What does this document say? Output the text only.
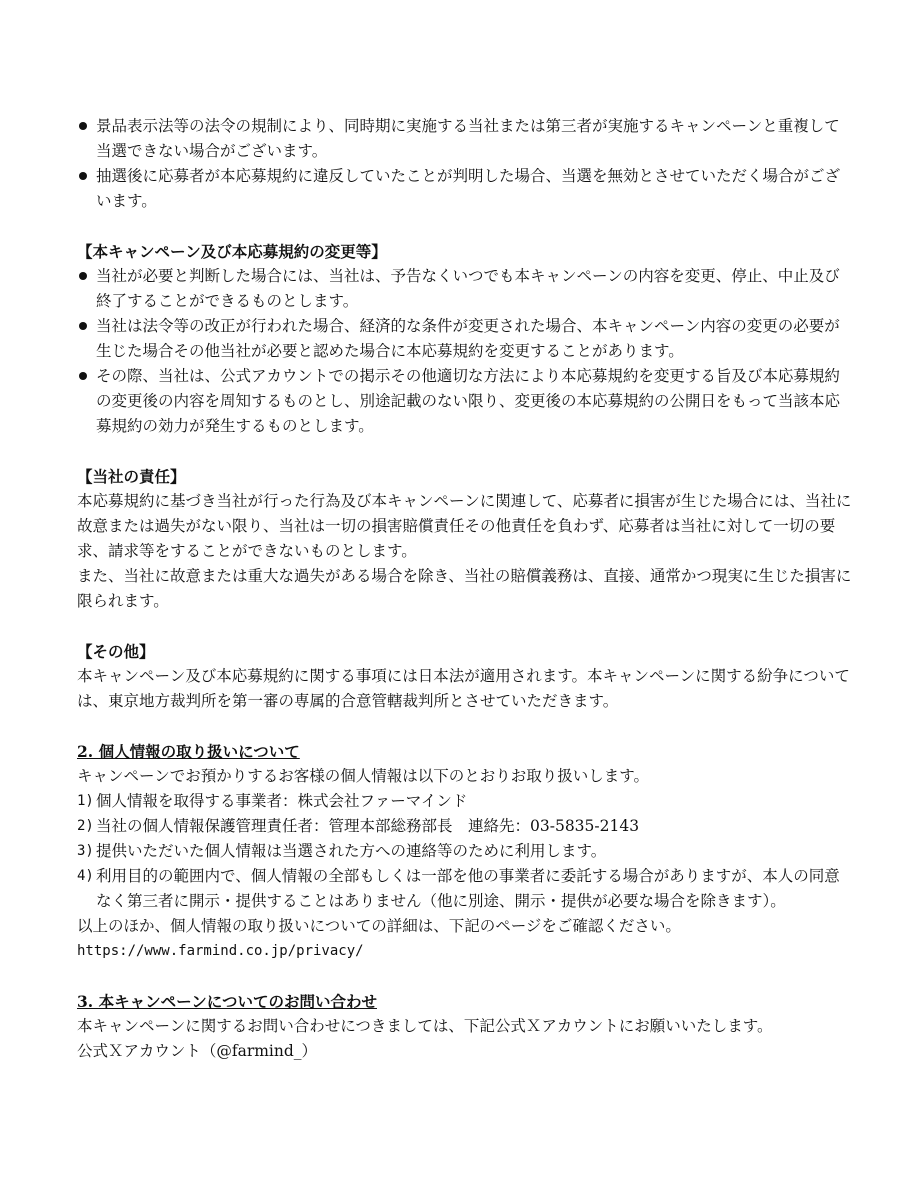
景品表示法等の法令の規制により、同時期に実施する当社または第三者が実施するキャンペーンと重複して当選できない場合がございます。
抽選後に応募者が本応募規約に違反していたことが判明した場合、当選を無効とさせていただく場合がございます。

【本キャンペーン及び本応募規約の変更等】

当社が必要と判断した場合には、当社は、予告なくいつでも本キャンペーンの内容を変更、停止、中止及び終了することができるものとします。
当社は法令等の改正が行われた場合、経済的な条件が変更された場合、本キャンペーン内容の変更の必要が生じた場合その他当社が必要と認めた場合に本応募規約を変更することがあります。
その際、当社は、公式アカウントでの掲示その他適切な方法により本応募規約を変更する旨及び本応募規約の変更後の内容を周知するものとし、別途記載のない限り、変更後の本応募規約の公開日をもって当該本応募規約の効力が発生するものとします。

【当社の責任】

本応募規約に基づき当社が行った行為及び本キャンペーンに関連して、応募者に損害が生じた場合には、当社に故意または過失がない限り、当社は一切の損害賠償責任その他責任を負わず、応募者は当社に対して一切の要求、請求等をすることができないものとします。

また、当社に故意または重大な過失がある場合を除き、当社の賠償義務は、直接、通常かつ現実に生じた損害に限られます。

【その他】

本キャンペーン及び本応募規約に関する事項には日本法が適用されます。本キャンペーンに関する紛争については、東京地方裁判所を第一審の専属的合意管轄裁判所とさせていただきます。

2. 個人情報の取り扱いについて

キャンペーンでお預かりするお客様の個人情報は以下のとおりお取り扱いします。

1) 個人情報を取得する事業者：株式会社ファーマインド
2) 当社の個人情報保護管理責任者：管理本部総務部長　連絡先：03-5835-2143
3) 提供いただいた個人情報は当選された方への連絡等のために利用します。
4) 利用目的の範囲内で、個人情報の全部もしくは一部を他の事業者に委託する場合がありますが、本人の同意なく第三者に開示・提供することはありません（他に別途、開示・提供が必要な場合を除きます）。

以上のほか、個人情報の取り扱いについての詳細は、下記のページをご確認ください。

https://www.farmind.co.jp/privacy/

3. 本キャンペーンについてのお問い合わせ

本キャンペーンに関するお問い合わせにつきましては、下記公式Ｘアカウントにお願いいたします。

公式Ｘアカウント（@farmind_）
